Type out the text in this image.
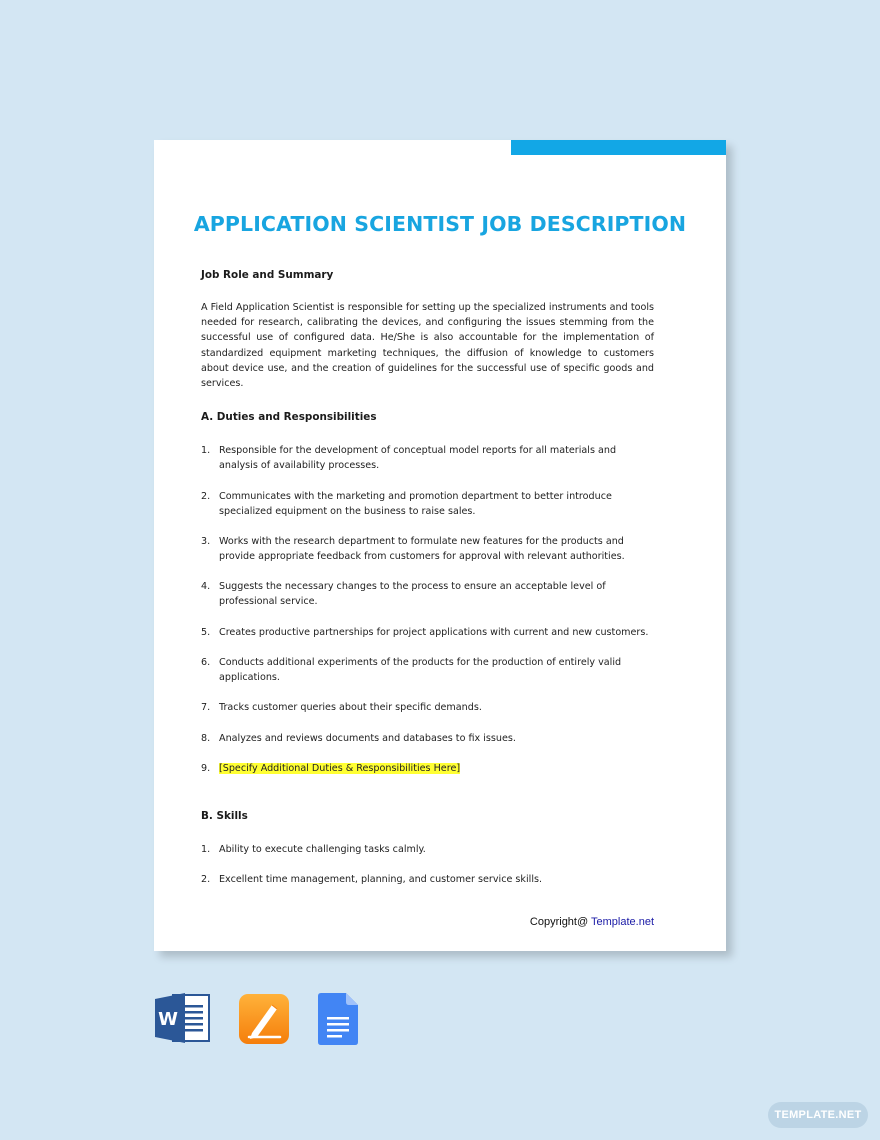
APPLICATION SCIENTIST JOB DESCRIPTION
Job Role and Summary
A Field Application Scientist is responsible for setting up the specialized instruments and tools needed for research, calibrating the devices, and configuring the issues stemming from the successful use of configured data. He/She is also accountable for the implementation of standardized equipment marketing techniques, the diffusion of knowledge to customers about device use, and the creation of guidelines for the successful use of specific goods and services.
A. Duties and Responsibilities
1. Responsible for the development of conceptual model reports for all materials and analysis of availability processes.
2. Communicates with the marketing and promotion department to better introduce specialized equipment on the business to raise sales.
3. Works with the research department to formulate new features for the products and provide appropriate feedback from customers for approval with relevant authorities.
4. Suggests the necessary changes to the process to ensure an acceptable level of professional service.
5. Creates productive partnerships for project applications with current and new customers.
6. Conducts additional experiments of the products for the production of entirely valid applications.
7. Tracks customer queries about their specific demands.
8. Analyzes and reviews documents and databases to fix issues.
9. [Specify Additional Duties & Responsibilities Here]
B. Skills
1. Ability to execute challenging tasks calmly.
2. Excellent time management, planning, and customer service skills.
Copyright@ Template.net
W
TEMPLATE.NET
